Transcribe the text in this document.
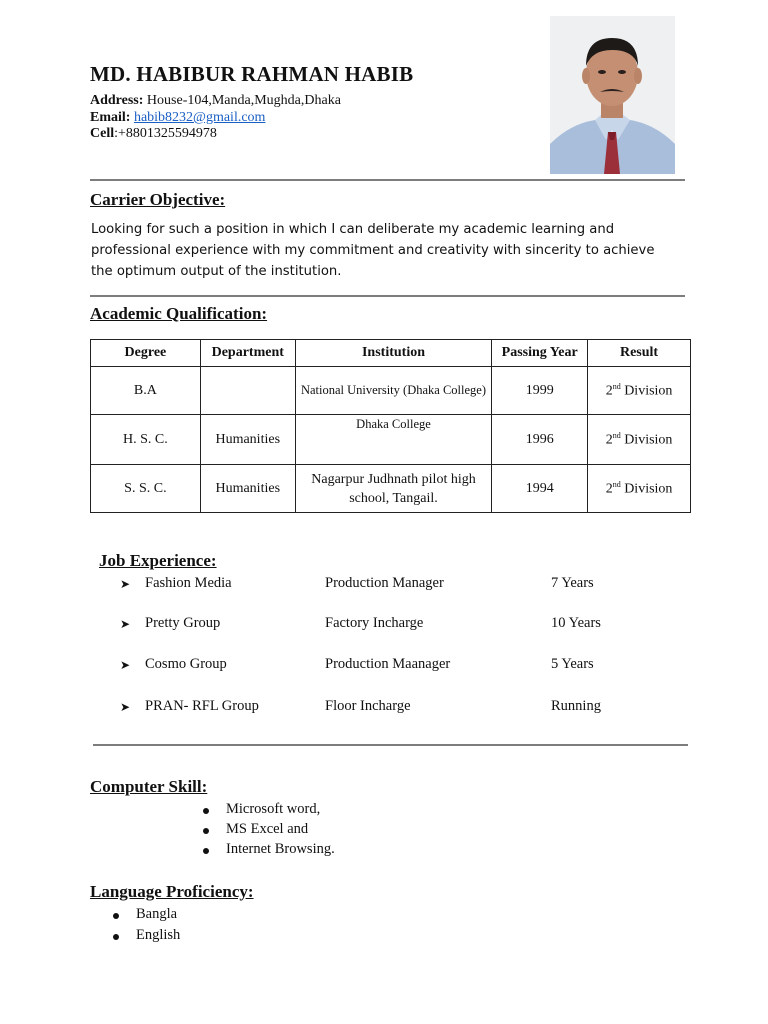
MD. HABIBUR RAHMAN HABIB
Address: House-104,Manda,Mughda,Dhaka
Email: habib8232@gmail.com
Cell:+8801325594978
Carrier Objective:
Looking for such a position in which I can deliberate my academic learning and professional experience with my commitment and creativity with sincerity to achieve the optimum output of the institution.
Academic Qualification:
Degree	Department	Institution	Passing Year	Result
B.A		National University (Dhaka College)	1999	2nd Division
H. S. C.	Humanities	Dhaka College	1996	2nd Division
S. S. C.	Humanities	Nagarpur Judhnath pilot high school, Tangail.	1994	2nd Division
Job Experience:
➤ Fashion Media	Production Manager	7 Years
➤ Pretty Group	Factory Incharge	10 Years
➤ Cosmo Group	Production Maanager	5 Years
➤ PRAN- RFL Group	Floor Incharge	Running
Computer Skill:
Microsoft word,
MS Excel and
Internet Browsing.
Language Proficiency:
Bangla
English
